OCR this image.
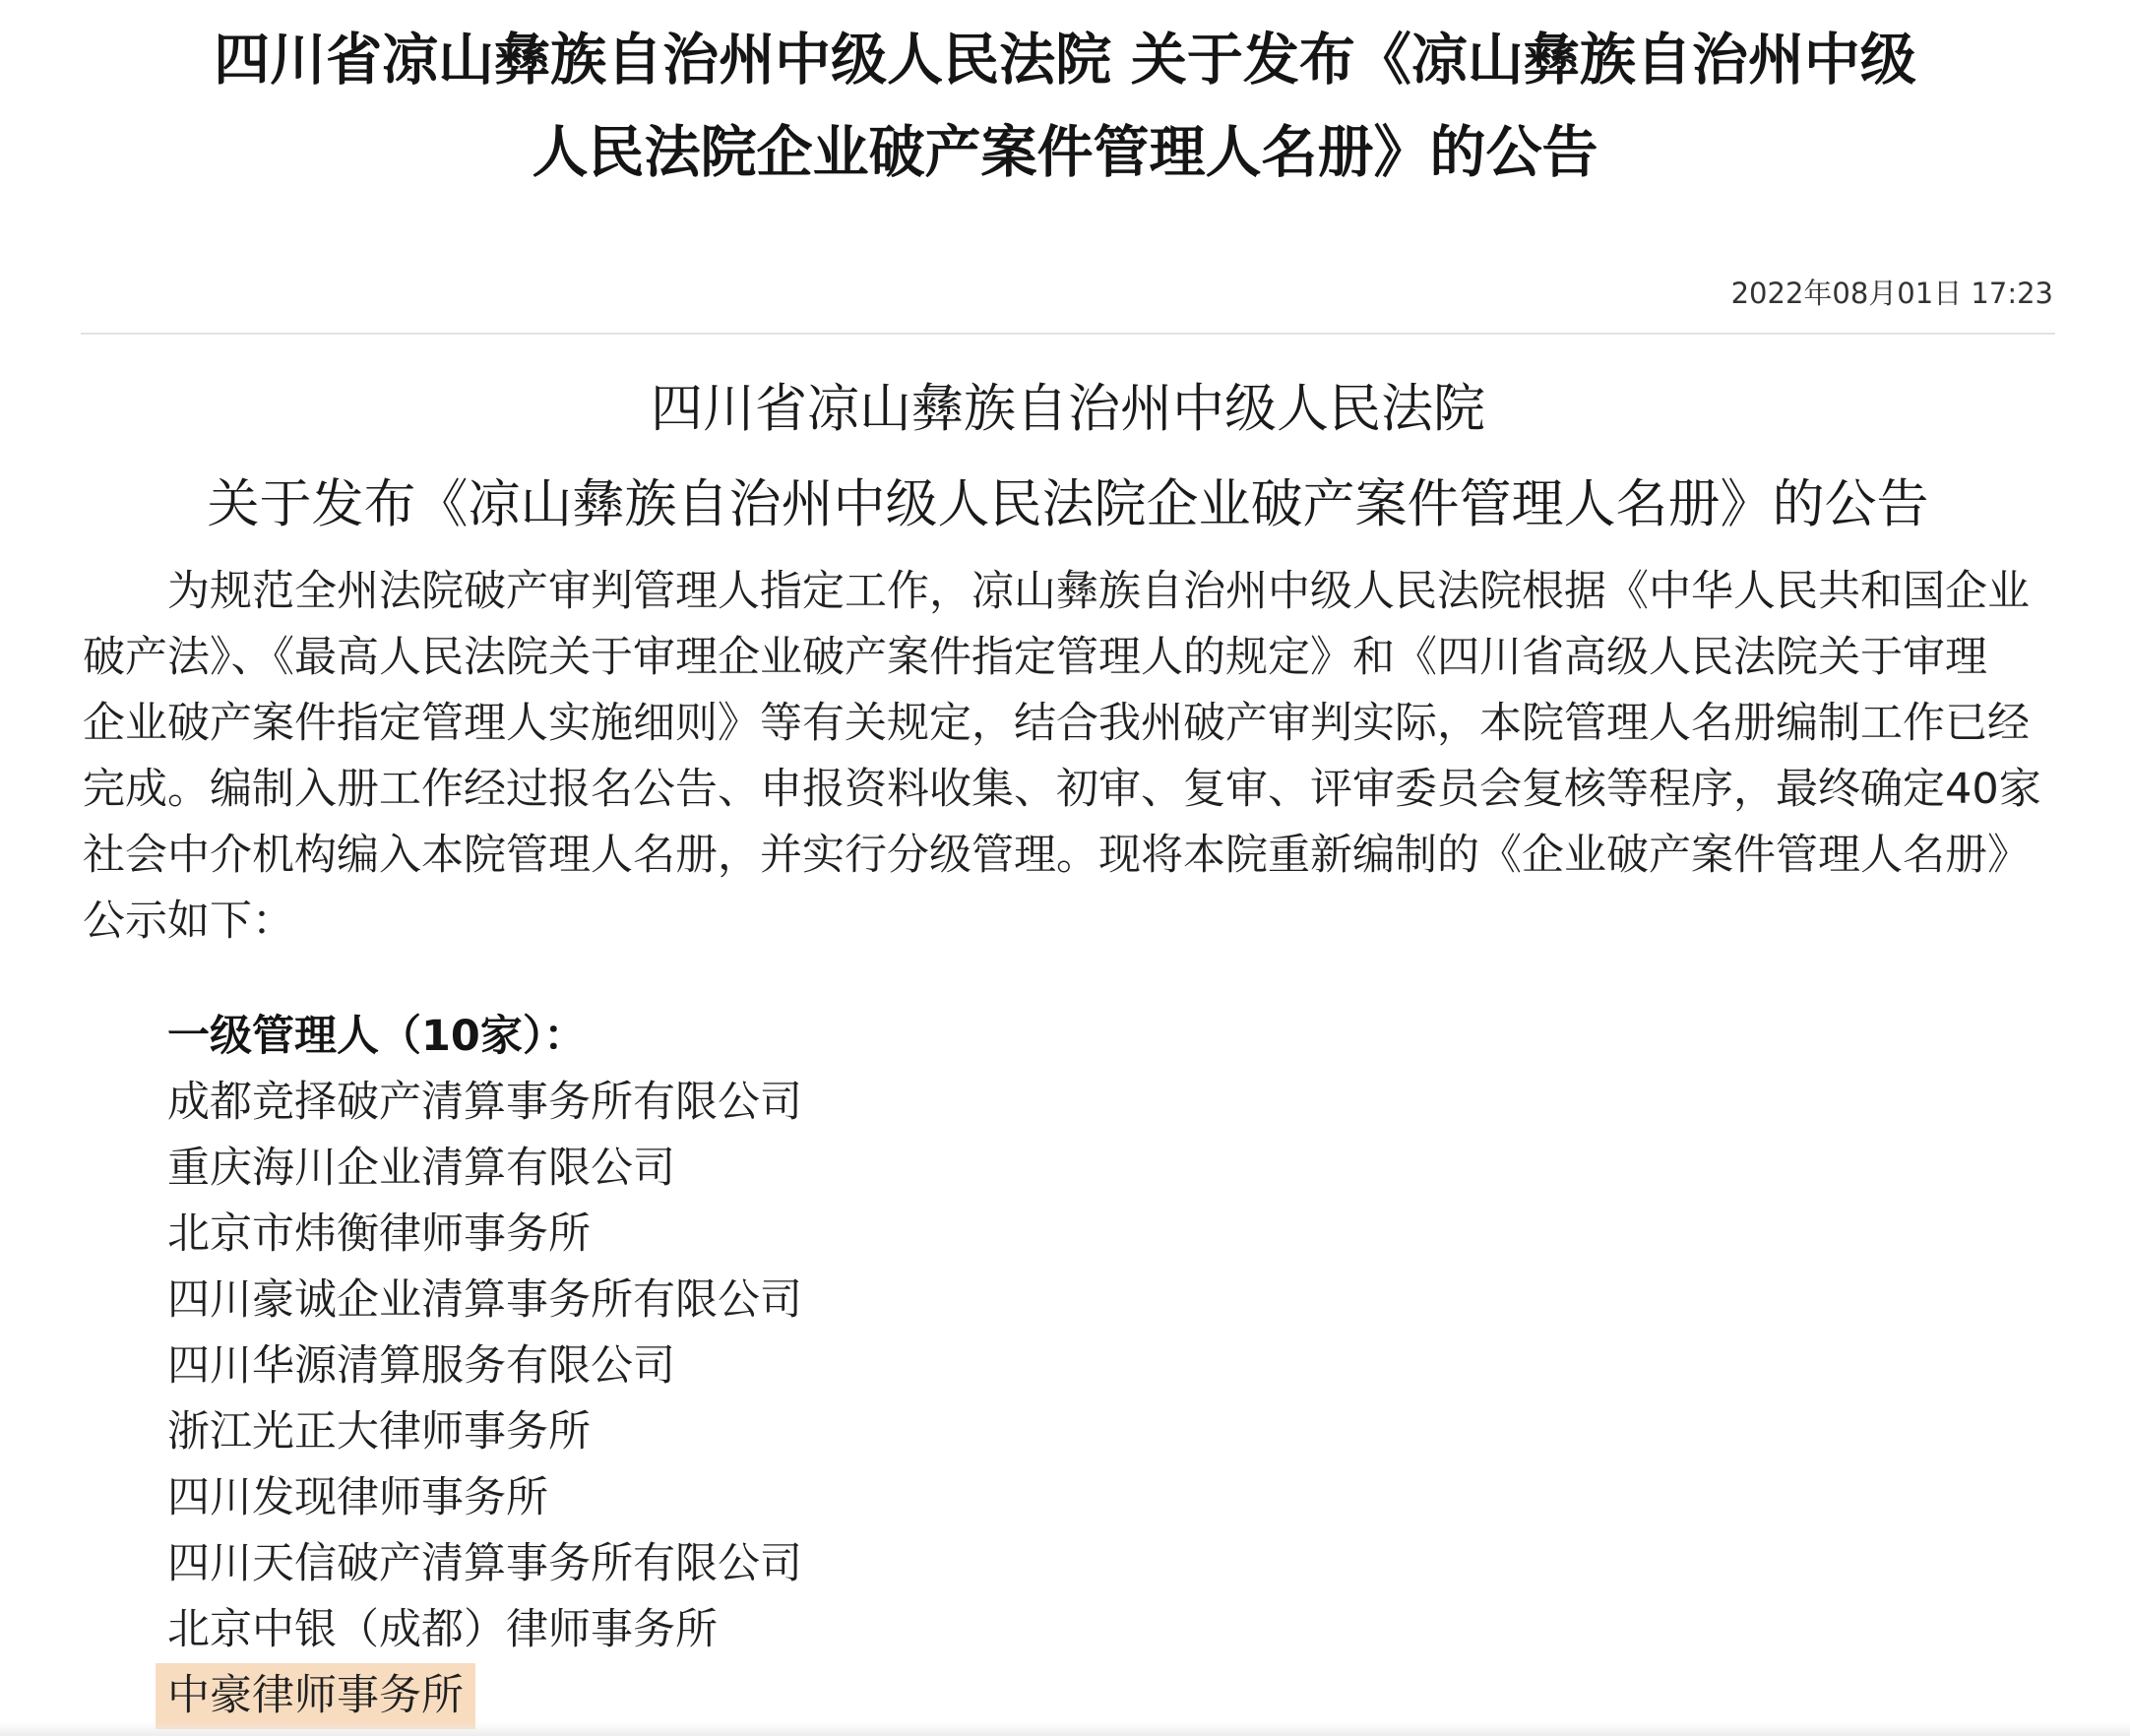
四川省凉山彝族自治州中级人民法院 关于发布《凉山彝族自治州中级
人民法院企业破产案件管理人名册》的公告
2022年08月01日 17:23
四川省凉山彝族自治州中级人民法院
关于发布《凉山彝族自治州中级人民法院企业破产案件管理人名册》的公告

为规范全州法院破产审判管理人指定工作，凉山彝族自治州中级人民法院根据《中华人民共和国企业
破产法》、《最高人民法院关于审理企业破产案件指定管理人的规定》和《四川省高级人民法院关于审理
企业破产案件指定管理人实施细则》等有关规定，结合我州破产审判实际，本院管理人名册编制工作已经
完成。编制入册工作经过报名公告、申报资料收集、初审、复审、评审委员会复核等程序，最终确定40家
社会中介机构编入本院管理人名册，并实行分级管理。现将本院重新编制的《企业破产案件管理人名册》
公示如下：

一级管理人（10家）：
成都竞择破产清算事务所有限公司
重庆海川企业清算有限公司
北京市炜衡律师事务所
四川豪诚企业清算事务所有限公司
四川华源清算服务有限公司
浙江光正大律师事务所
四川发现律师事务所
四川天信破产清算事务所有限公司
北京中银（成都）律师事务所
中豪律师事务所
